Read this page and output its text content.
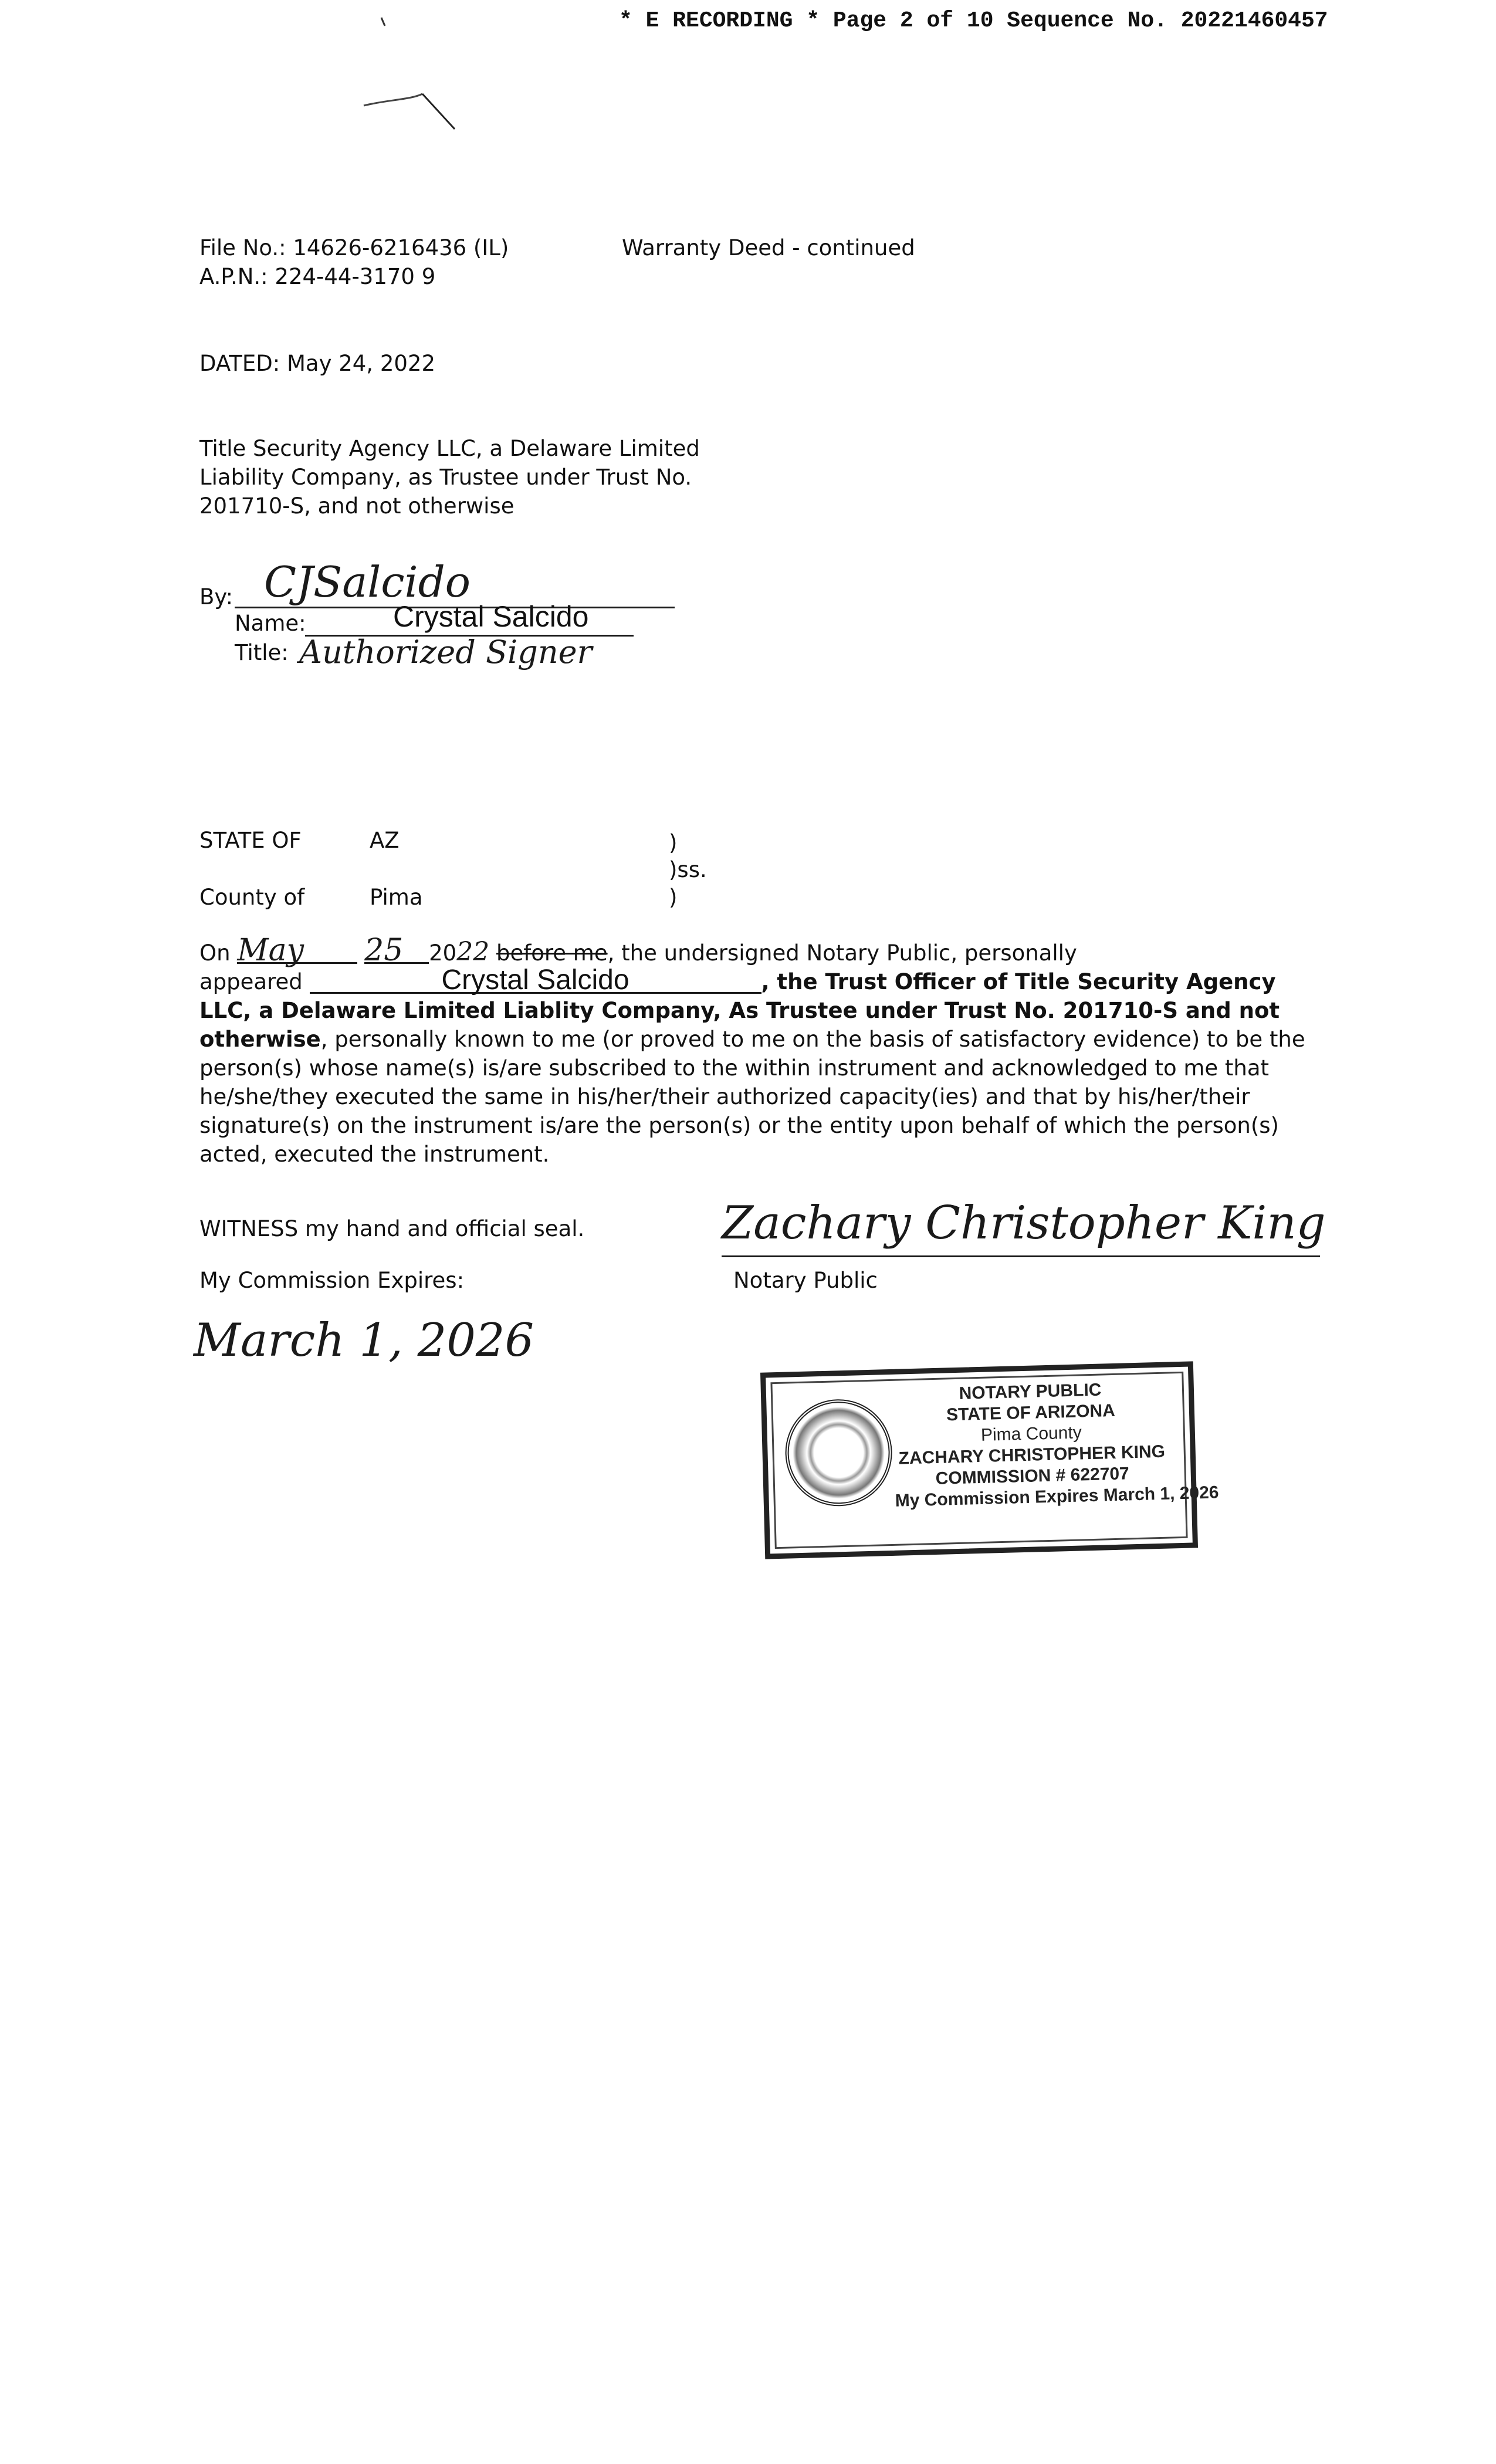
* E RECORDING * Page 2 of 10 Sequence No. 20221460457
File No.: 14626-6216436 (IL)
A.P.N.: 224-44-3170 9
Warranty Deed - continued
DATED: May 24, 2022
Title Security Agency LLC, a Delaware Limited
Liability Company, as Trustee under Trust No.
201710-S, and not otherwise
By: CJSalcido
Name:	Crystal Salcido
Title: Authorized Signer
STATE OF	AZ	)
)ss.
County of	Pima	)
On May 25 2022 before me, the undersigned Notary Public, personally
appeared	Crystal Salcido	, the Trust Officer of Title Security Agency
LLC, a Delaware Limited Liablity Company, As Trustee under Trust No. 201710-S and not
otherwise, personally known to me (or proved to me on the basis of satisfactory evidence) to be the
person(s) whose name(s) is/are subscribed to the within instrument and acknowledged to me that
he/she/they executed the same in his/her/their authorized capacity(ies) and that by his/her/their
signature(s) on the instrument is/are the person(s) or the entity upon behalf of which the person(s)
acted, executed the instrument.
WITNESS my hand and official seal.	Zachary Christopher King
Notary Public
My Commission Expires:
March 1, 2026
NOTARY PUBLIC
STATE OF ARIZONA
Pima County
ZACHARY CHRISTOPHER KING
COMMISSION # 622707
My Commission Expires March 1, 2026
